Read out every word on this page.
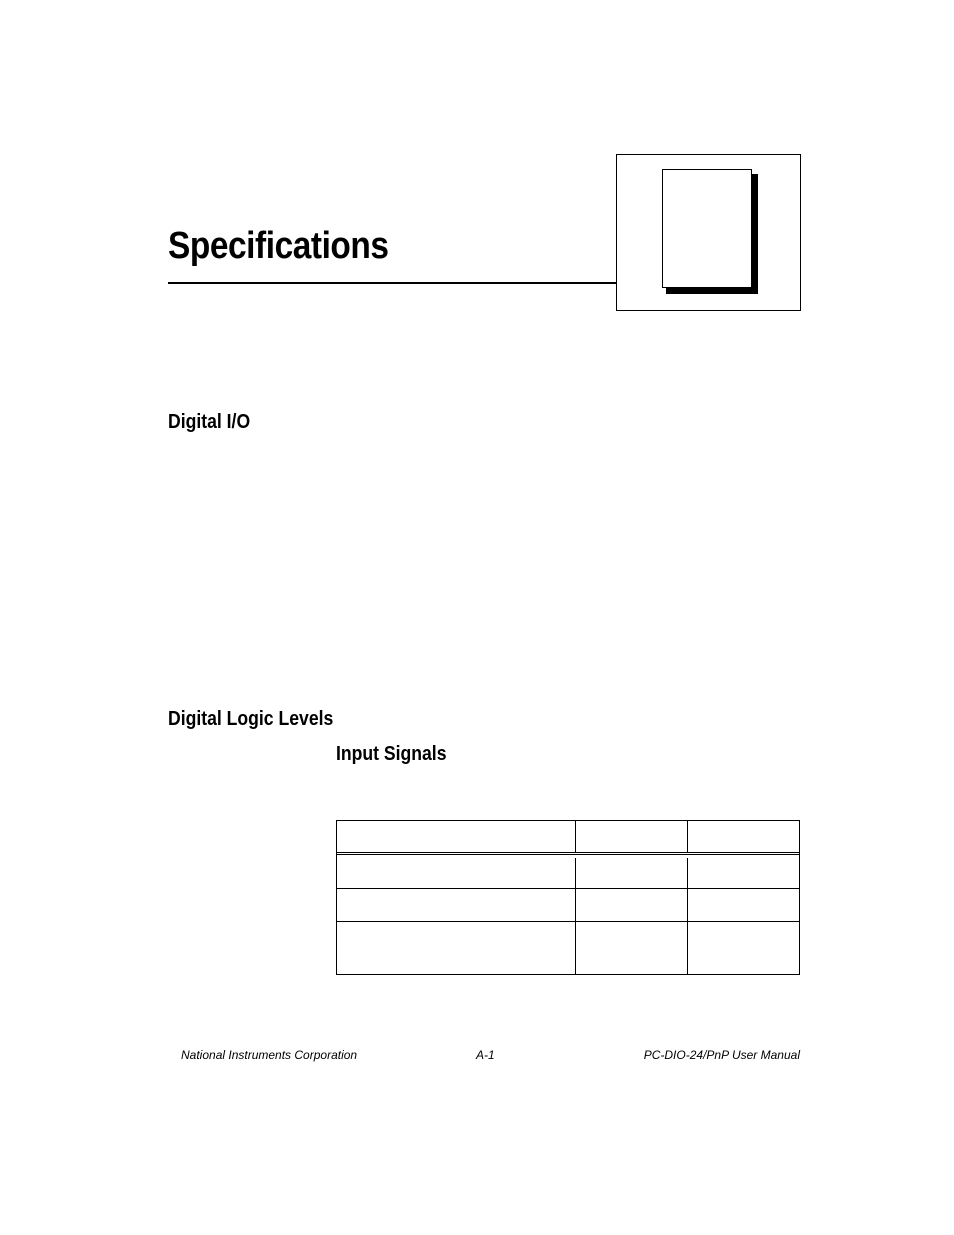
Specifications
Digital I/O
Digital Logic Levels
Input Signals
National Instruments Corporation	A-1	PC-DIO-24/PnP User Manual
